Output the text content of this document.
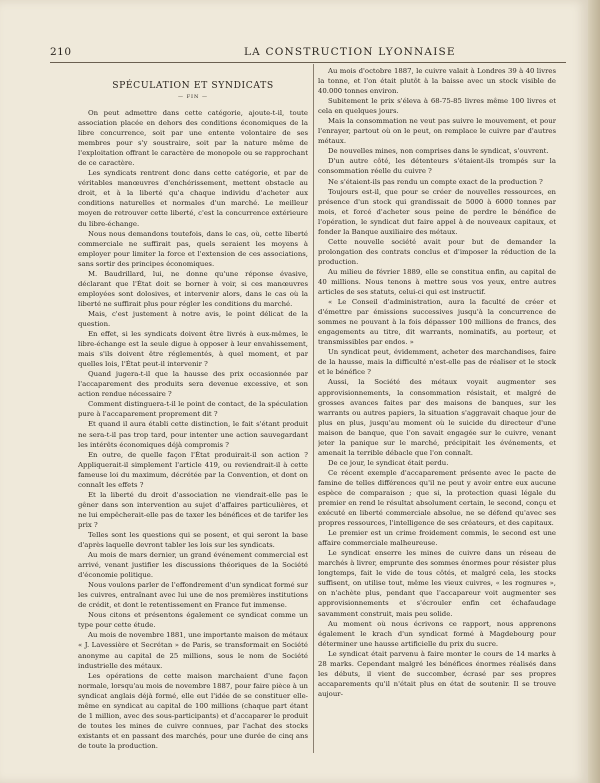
210	LA CONSTRUCTION LYONNAISE
SPÉCULATION ET SYNDICATS
— FIN —

On peut admettre dans cette catégorie, ajoute-t-il, toute association placée en dehors des conditions économiques de la libre concurrence, soit par une entente volontaire de ses membres pour s'y soustraire, soit par la nature même de l'exploitation offrant le caractère de monopole ou se rapprochant de ce caractère.

Les syndicats rentrent donc dans cette catégorie, et par de véritables manœuvres d'enchérissement, mettent obstacle au droit, et à la liberté qu'a chaque individu d'acheter aux conditions naturelles et normales d'un marché. Le meilleur moyen de retrouver cette liberté, c'est la concurrence extérieure du libre-échange.

Nous nous demandons toutefois, dans le cas, où, cette liberté commerciale ne suffirait pas, quels seraient les moyens à employer pour limiter la force et l'extension de ces associations, sans sortir des principes économiques.

M. Baudrillard, lui, ne donne qu'une réponse évasive, déclarant que l'État doit se borner à voir, si ces manœuvres employées sont dolosives, et intervenir alors, dans le cas où la liberté ne suffirait plus pour régler les conditions du marché.

Mais, c'est justement à notre avis, le point délicat de la question.

En effet, si les syndicats doivent être livrés à eux-mêmes, le libre-échange est la seule digue à opposer à leur envahissement, mais s'ils doivent être réglementés, à quel moment, et par quelles lois, l'État peut-il intervenir ?

Quand jugera-t-il que la hausse des prix occasionnée par l'accaparement des produits sera devenue excessive, et son action rendue nécessaire ?

Comment distinguera-t-il le point de contact, de la spéculation pure à l'accaparement proprement dit ?

Et quand il aura établi cette distinction, le fait s'étant produit ne sera-t-il pas trop tard, pour intenter une action sauvegardant les intérêts économiques déjà compromis ?

En outre, de quelle façon l'État produirait-il son action ? Appliquerait-il simplement l'article 419, ou reviendrait-il à cette fameuse loi du maximum, décrétée par la Convention, et dont on connaît les effets ?

Et la liberté du droit d'association ne viendrait-elle pas le gêner dans son intervention au sujet d'affaires particulières, et ne lui empêcherait-elle pas de taxer les bénéfices et de tarifer les prix ?

Telles sont les questions qui se posent, et qui seront la base d'après laquelle devront tabler les lois sur les syndicats.

Au mois de mars dernier, un grand événement commercial est arrivé, venant justifier les discussions théoriques de la Société d'économie politique.

Nous voulons parler de l'effondrement d'un syndicat formé sur les cuivres, entraînant avec lui une de nos premières institutions de crédit, et dont le retentissement en France fut immense.

Nous citons et présentons également ce syndicat comme un type pour cette étude.

Au mois de novembre 1881, une importante maison de métaux « J. Lavessière et Secrétan » de Paris, se transformait en Société anonyme au capital de 25 millions, sous le nom de Société industrielle des métaux.

Les opérations de cette maison marchaient d'une façon normale, lorsqu'au mois de novembre 1887, pour faire pièce à un syndicat anglais déjà formé, elle eut l'idée de se constituer elle-même en syndicat au capital de 100 millions (chaque part étant de 1 million, avec des sous-participants) et d'accaparer le produit de toutes les mines de cuivre connues, par l'achat des stocks existants et en passant des marchés, pour une durée de cinq ans de toute la production.

Au mois d'octobre 1887, le cuivre valait à Londres 39 à 40 livres la tonne, et l'on était plutôt à la baisse avec un stock visible de 40.000 tonnes environ.

Subitement le prix s'éleva à 68-75-85 livres même 100 livres et cela en quelques jours.

Mais la consommation ne veut pas suivre le mouvement, et pour l'enrayer, partout où on le peut, on remplace le cuivre par d'autres métaux.

De nouvelles mines, non comprises dans le syndicat, s'ouvrent.

D'un autre côté, les détenteurs s'étaient-ils trompés sur la consommation réelle du cuivre ?

Ne s'étaient-ils pas rendu un compte exact de la production ?

Toujours est-il, que pour se créer de nouvelles ressources, en présence d'un stock qui grandissait de 5000 à 6000 tonnes par mois, et forcé d'acheter sous peine de perdre le bénéfice de l'opération, le syndicat dut faire appel à de nouveaux capitaux, et fonder la Banque auxiliaire des métaux.

Cette nouvelle société avait pour but de demander la prolongation des contrats conclus et d'imposer la réduction de la production.

Au milieu de février 1889, elle se constitua enfin, au capital de 40 millions. Nous tenons à mettre sous vos yeux, entre autres articles de ses statuts, celui-ci qui est instructif.

« Le Conseil d'administration, aura la faculté de créer et d'émettre par émissions successives jusqu'à la concurrence de sommes ne pouvant à la fois dépasser 100 millions de francs, des engagements au titre, dit warrants, nominatifs, au porteur, et transmissibles par endos. »

Un syndicat peut, évidemment, acheter des marchandises, faire de la hausse, mais la difficulté n'est-elle pas de réaliser et le stock et le bénéfice ?

Aussi, la Société des métaux voyait augmenter ses approvisionnements, la consommation résistait, et malgré de grosses avances faites par des maisons de banques, sur les warrants ou autres papiers, la situation s'aggravait chaque jour de plus en plus, jusqu'au moment où le suicide du directeur d'une maison de banque, que l'on savait engagée sur le cuivre, venant jeter la panique sur le marché, précipitait les événements, et amenait la terrible débacle que l'on connaît.

De ce jour, le syndicat était perdu.

Ce récent exemple d'accaparement présente avec le pacte de famine de telles différences qu'il ne peut y avoir entre eux aucune espèce de comparaison ; que si, la protection quasi légale du premier en rend le résultat absolument certain, le second, conçu et exécuté en liberté commerciale absolue, ne se défend qu'avec ses propres ressources, l'intelligence de ses créateurs, et des capitaux.

Le premier est un crime froidement commis, le second est une affaire commerciale malheureuse.

Le syndicat enserre les mines de cuivre dans un réseau de marchés à livrer, emprunte des sommes énormes pour résister plus longtemps, fait le vide de tous côtés, et malgré cela, les stocks suffisent, on utilise tout, même les vieux cuivres, « les rognures », on n'achète plus, pendant que l'accapareur voit augmenter ses approvisionnements et s'écrouler enfin cet échafaudage savamment construit, mais peu solide.

Au moment où nous écrivons ce rapport, nous apprenons également le krach d'un syndicat formé à Magdebourg pour déterminer une hausse artificielle du prix du sucre.

Le syndicat était parvenu à faire monter le cours de 14 marks à 28 marks. Cependant malgré les bénéfices énormes réalisés dans les débuts, il vient de succomber, écrasé par ses propres accaparements qu'il n'était plus en état de soutenir. Il se trouve aujour-
